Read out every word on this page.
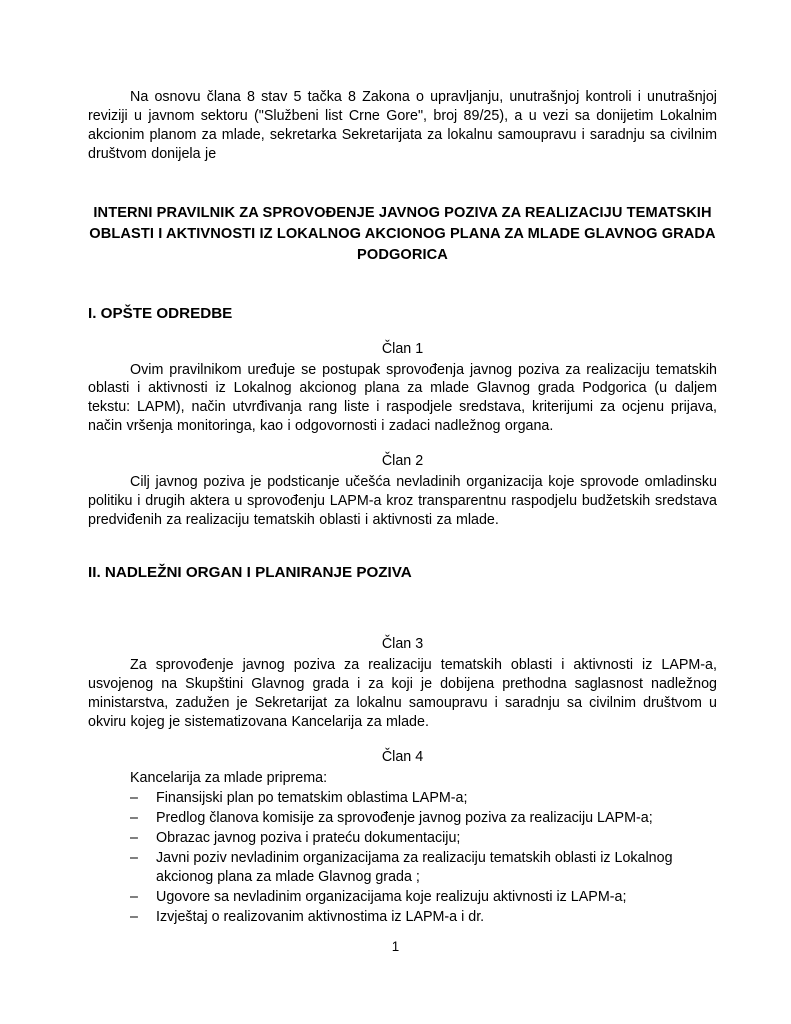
Na osnovu člana 8 stav 5 tačka 8 Zakona o upravljanju, unutrašnjoj kontroli i unutrašnjoj reviziji u javnom sektoru ("Službeni list Crne Gore", broj 89/25), a u vezi sa donijetim Lokalnim akcionim planom za mlade, sekretarka Sekretarijata za lokalnu samoupravu i saradnju sa civilnim društvom donijela je

INTERNI PRAVILNIK ZA SPROVOĐENJE JAVNOG POZIVA ZA REALIZACIJU TEMATSKIH OBLASTI I AKTIVNOSTI IZ LOKALNOG AKCIONOG PLANA ZA MLADE GLAVNOG GRADA PODGORICA
I. OPŠTE ODREDBE

Član 1

Ovim pravilnikom uređuje se postupak sprovođenja javnog poziva za realizaciju tematskih oblasti i aktivnosti iz Lokalnog akcionog plana za mlade Glavnog grada Podgorica (u daljem tekstu: LAPM), način utvrđivanja rang liste i raspodjele sredstava, kriterijumi za ocjenu prijava, način vršenja monitoringa, kao i odgovornosti i zadaci nadležnog organa.

Član 2

Cilj javnog poziva je podsticanje učešća nevladinih organizacija koje sprovode omladinsku politiku i drugih aktera u sprovođenju LAPM-a kroz transparentnu raspodjelu budžetskih sredstava predviđenih za realizaciju tematskih oblasti i aktivnosti za mlade.

II. NADLEŽNI ORGAN I PLANIRANJE POZIVA

Član 3

Za sprovođenje javnog poziva za realizaciju tematskih oblasti i aktivnosti iz LAPM-a, usvojenog na Skupštini Glavnog grada i za koji je dobijena prethodna saglasnost nadležnog ministarstva, zadužen je Sekretarijat za lokalnu samoupravu i saradnju sa civilnim društvom u okviru kojeg je sistematizovana Kancelarija za mlade.

Član 4

Kancelarija za mlade priprema:

‒ Finansijski plan po tematskim oblastima LAPM-a;
‒ Predlog članova komisije za sprovođenje javnog poziva za realizaciju LAPM-a;
‒ Obrazac javnog poziva i prateću dokumentaciju;
‒ Javni poziv nevladinim organizacijama za realizaciju tematskih oblasti iz Lokalnog akcionog plana za mlade Glavnog grada ;
‒ Ugovore sa nevladinim organizacijama koje realizuju aktivnosti iz LAPM-a;
‒ Izvještaj o realizovanim aktivnostima iz LAPM-a i dr.
1
